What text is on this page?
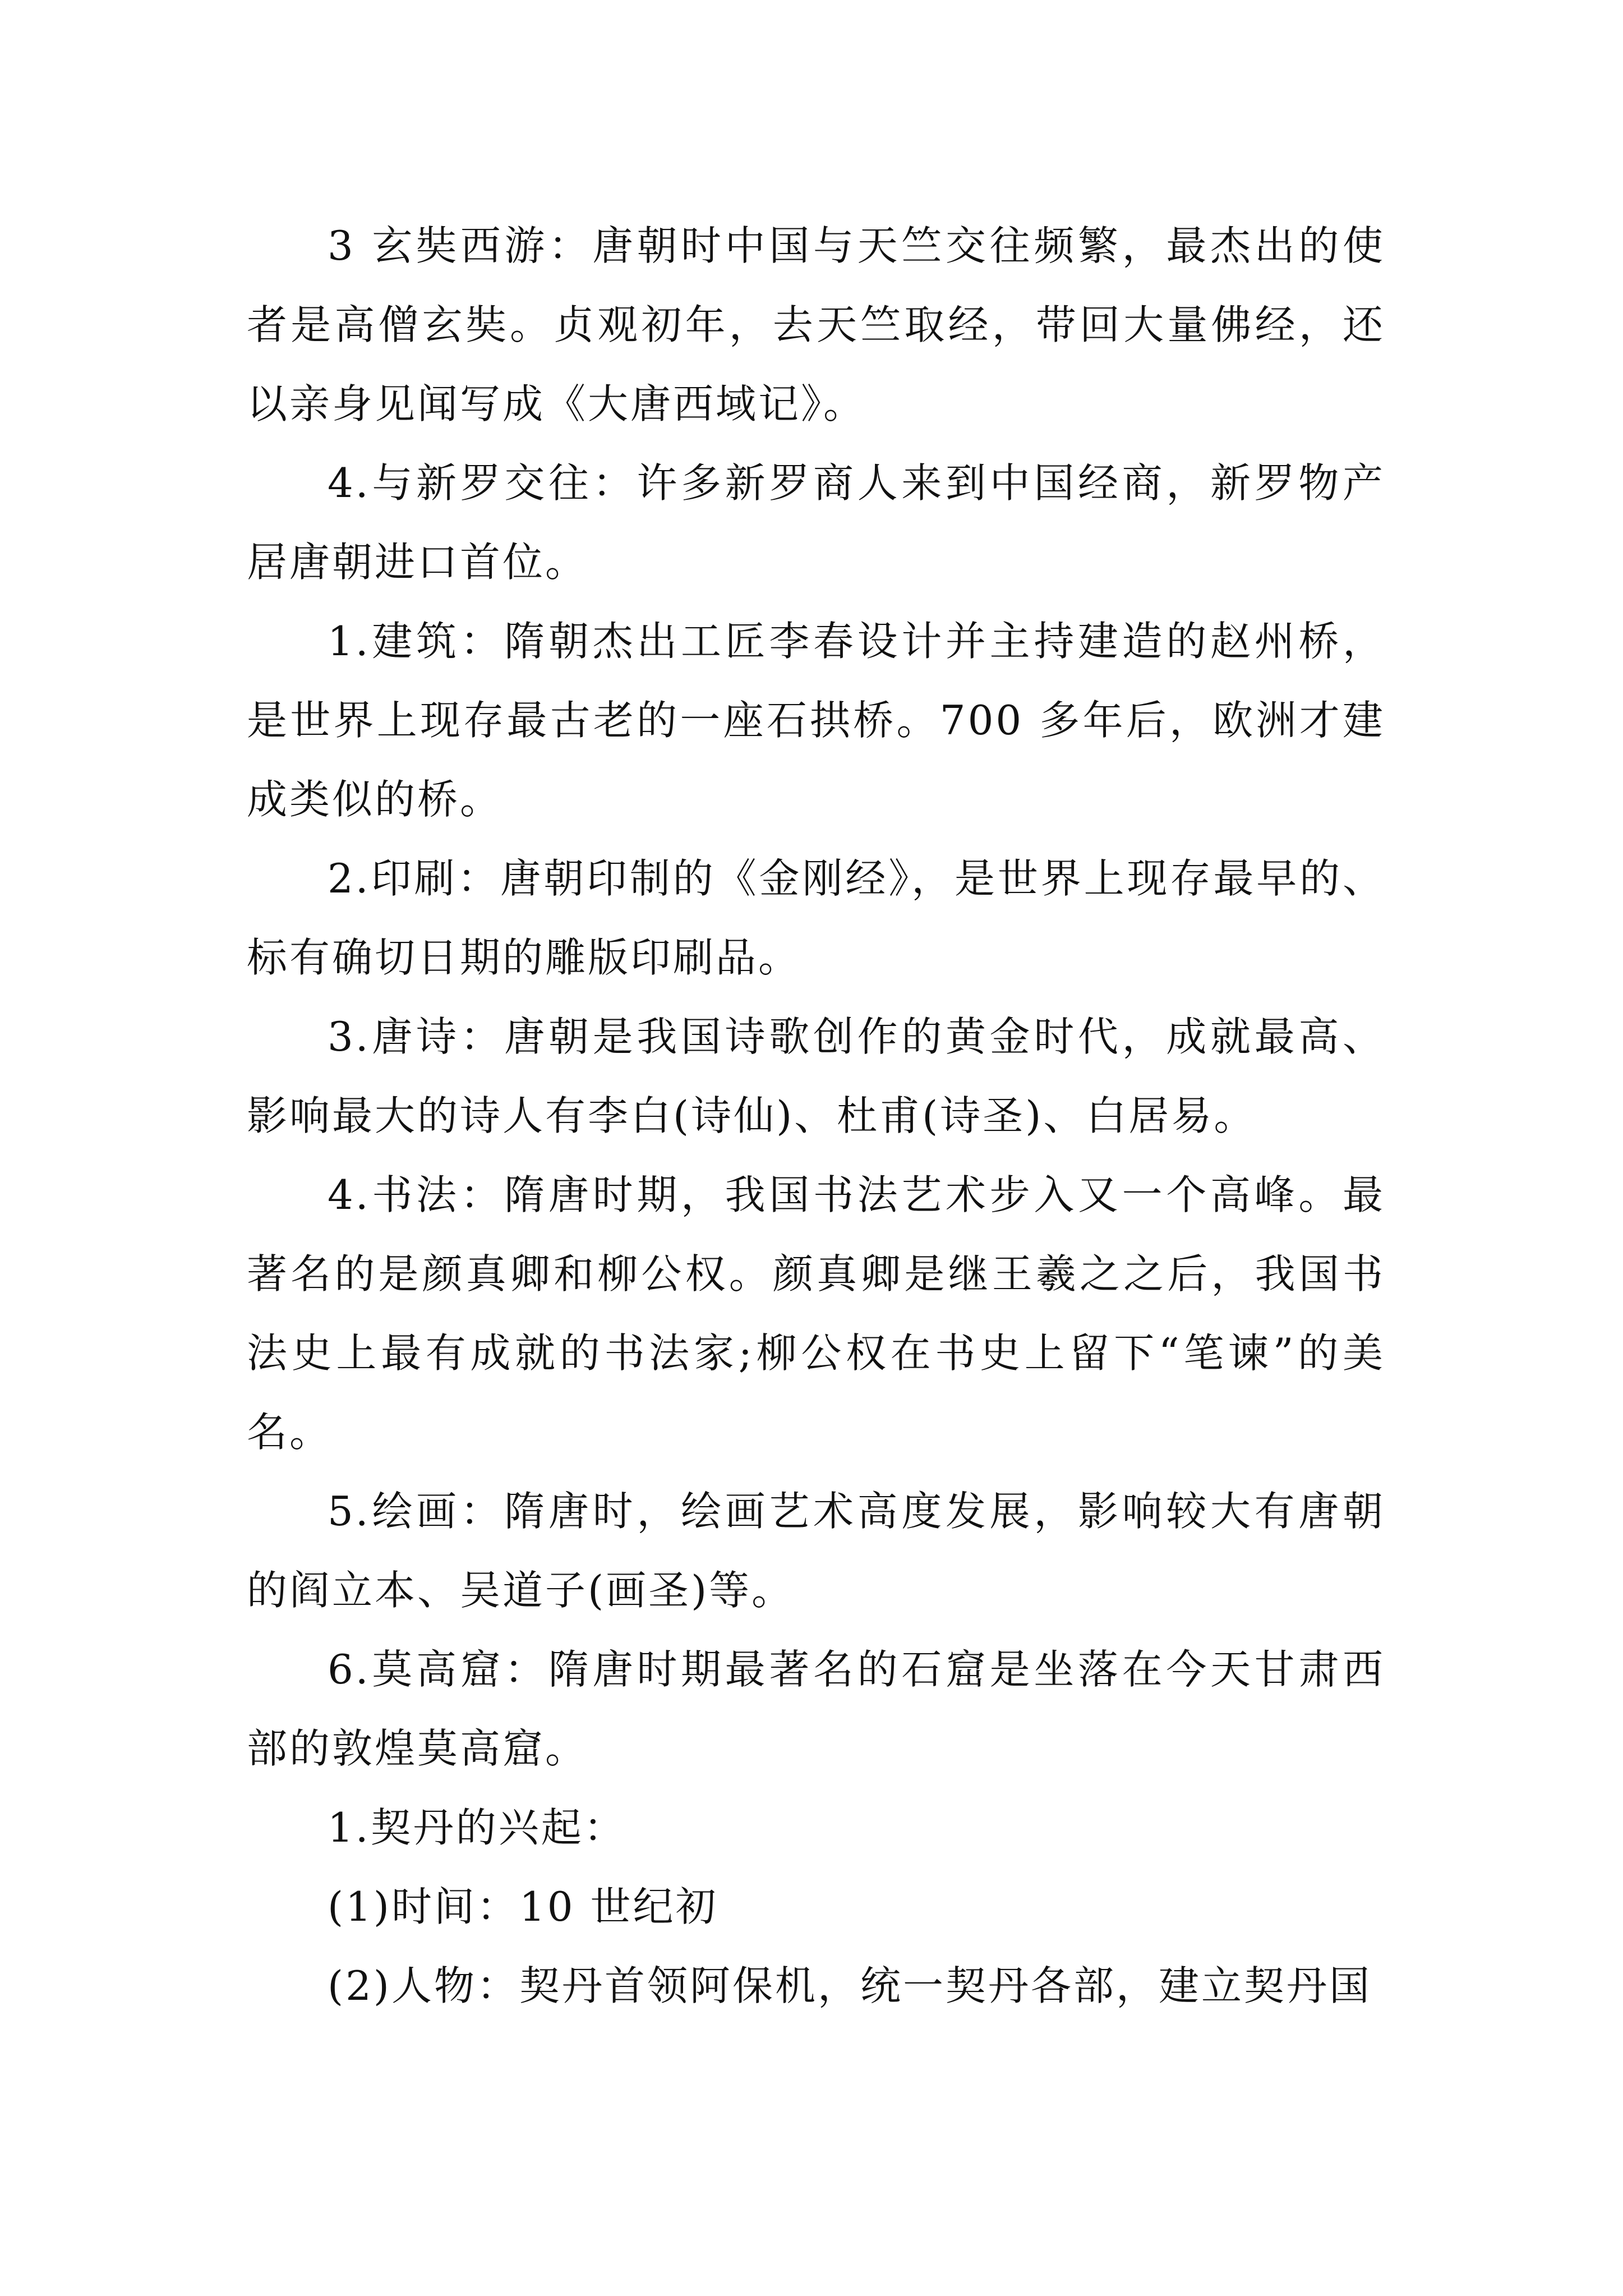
3 玄奘西游：唐朝时中国与天竺交往频繁，最杰出的使者是高僧玄奘。贞观初年，去天竺取经，带回大量佛经，还以亲身见闻写成《大唐西域记》。

4.与新罗交往：许多新罗商人来到中国经商，新罗物产居唐朝进口首位。

1.建筑：隋朝杰出工匠李春设计并主持建造的赵州桥，是世界上现存最古老的一座石拱桥。700 多年后，欧洲才建成类似的桥。

2.印刷：唐朝印制的《金刚经》，是世界上现存最早的、标有确切日期的雕版印刷品。

3.唐诗：唐朝是我国诗歌创作的黄金时代，成就最高、影响最大的诗人有李白(诗仙)、杜甫(诗圣)、白居易。

4.书法：隋唐时期，我国书法艺术步入又一个高峰。最著名的是颜真卿和柳公权。颜真卿是继王羲之之后，我国书法史上最有成就的书法家;柳公权在书史上留下“笔谏”的美名。

5.绘画：隋唐时，绘画艺术高度发展，影响较大有唐朝的阎立本、吴道子(画圣)等。

6.莫高窟：隋唐时期最著名的石窟是坐落在今天甘肃西部的敦煌莫高窟。

1.契丹的兴起：

(1)时间：10 世纪初

(2)人物：契丹首领阿保机，统一契丹各部，建立契丹国
